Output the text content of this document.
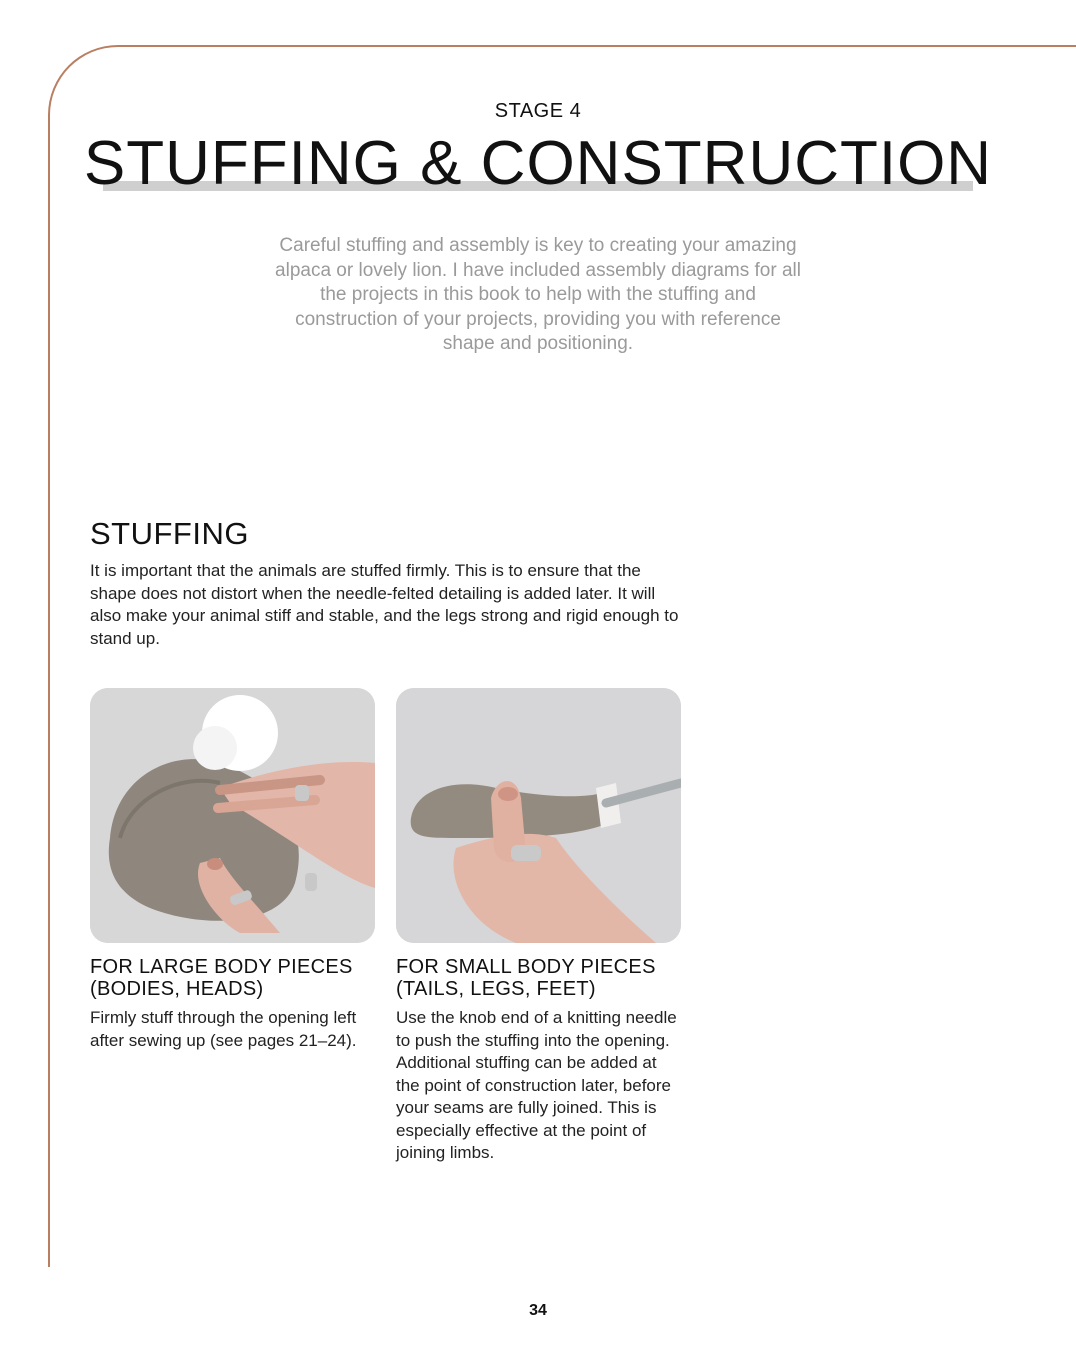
STAGE 4
STUFFING & CONSTRUCTION
Careful stuffing and assembly is key to creating your amazing alpaca or lovely lion. I have included assembly diagrams for all the projects in this book to help with the stuffing and construction of your projects, providing you with reference shape and positioning.
STUFFING
It is important that the animals are stuffed firmly. This is to ensure that the shape does not distort when the needle-felted detailing is added later. It will also make your animal stiff and stable, and the legs strong and rigid enough to stand up.
FOR LARGE BODY PIECES (BODIES, HEADS)
Firmly stuff through the opening left after sewing up (see pages 21–24).
FOR SMALL BODY PIECES (TAILS, LEGS, FEET)
Use the knob end of a knitting needle to push the stuffing into the opening. Additional stuffing can be added at the point of construction later, before your seams are fully joined. This is especially effective at the point of joining limbs.
34
